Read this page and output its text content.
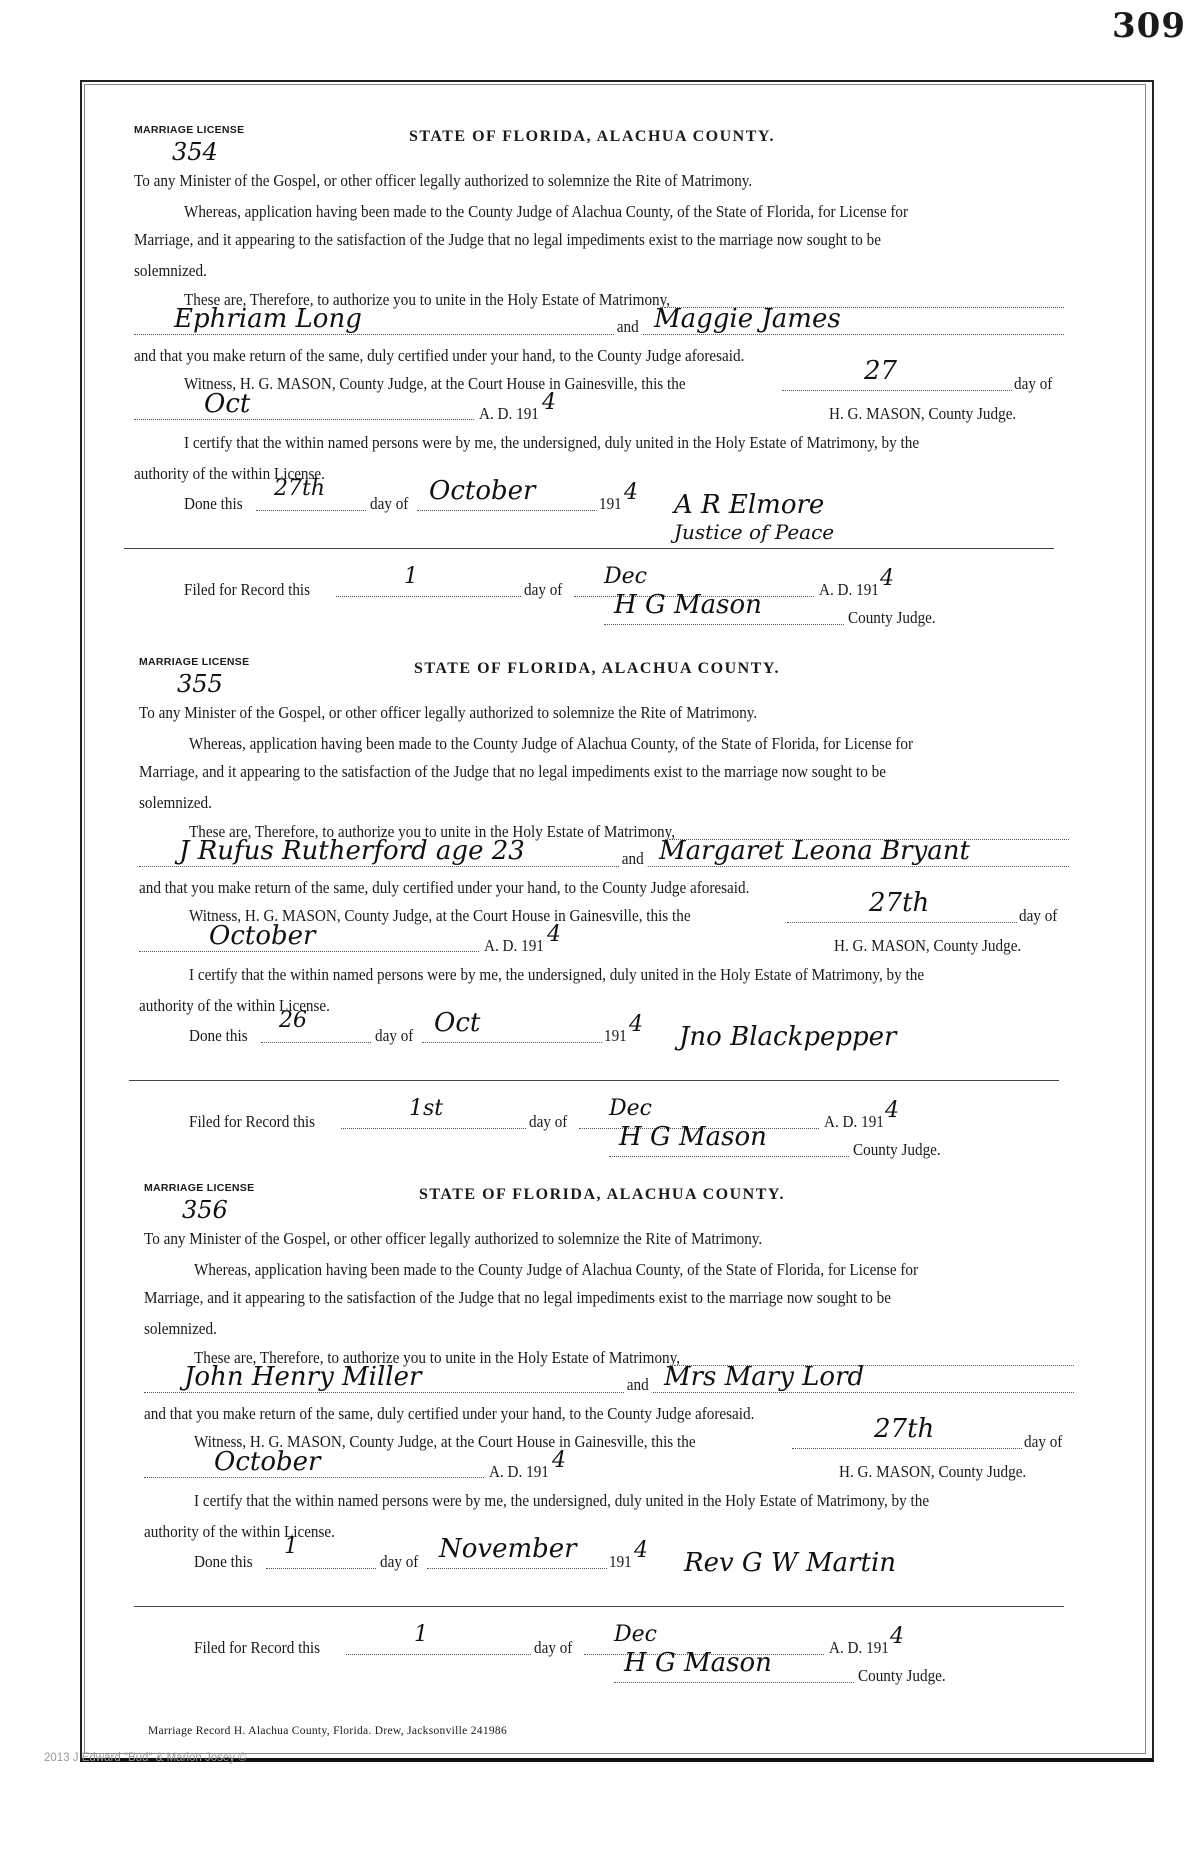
309
MARRIAGE LICENSE
354
STATE OF FLORIDA, ALACHUA COUNTY.
To any Minister of the Gospel, or other officer legally authorized to solemnize the Rite of Matrimony.
Whereas, application having been made to the County Judge of Alachua County, of the State of Florida, for License for
Marriage, and it appearing to the satisfaction of the Judge that no legal impediments exist to the marriage now sought to be
solemnized.
These are, Therefore, to authorize you to unite in the Holy Estate of Matrimony,
Ephriam Long	and Maggie James
and that you make return of the same, duly certified under your hand, to the County Judge aforesaid.
Witness, H. G. MASON, County Judge, at the Court House in Gainesville, this the	27	day of
Oct	A. D. 191 4	H. G. MASON, County Judge.
I certify that the within named persons were by me, the undersigned, duly united in the Holy Estate of Matrimony, by the
authority of the within License.
Done this
27th
day of October	191 4 A R Elmore
Justice of Peace
Filed for Record this
1
day of
Dec
A. D. 191 4
H G Mason	County Judge.
MARRIAGE LICENSE
355
STATE OF FLORIDA, ALACHUA COUNTY.
To any Minister of the Gospel, or other officer legally authorized to solemnize the Rite of Matrimony.
Whereas, application having been made to the County Judge of Alachua County, of the State of Florida, for License for
Marriage, and it appearing to the satisfaction of the Judge that no legal impediments exist to the marriage now sought to be
solemnized.
These are, Therefore, to authorize you to unite in the Holy Estate of Matrimony,
J Rufus Rutherford age 23	and Margaret Leona Bryant
and that you make return of the same, duly certified under your hand, to the County Judge aforesaid.
Witness, H. G. MASON, County Judge, at the Court House in Gainesville, this the	27th	day of
October	A. D. 191 4	H. G. MASON, County Judge.
I certify that the within named persons were by me, the undersigned, duly united in the Holy Estate of Matrimony, by the
authority of the within License.
Done this
26
day of Oct	191 4 Jno Blackpepper
Filed for Record this
1st
day of
Dec
A. D. 191 4
H G Mason	County Judge.
MARRIAGE LICENSE
356
STATE OF FLORIDA, ALACHUA COUNTY.
To any Minister of the Gospel, or other officer legally authorized to solemnize the Rite of Matrimony.
Whereas, application having been made to the County Judge of Alachua County, of the State of Florida, for License for
Marriage, and it appearing to the satisfaction of the Judge that no legal impediments exist to the marriage now sought to be
solemnized.
These are, Therefore, to authorize you to unite in the Holy Estate of Matrimony,
John Henry Miller	and Mrs Mary Lord
and that you make return of the same, duly certified under your hand, to the County Judge aforesaid.
Witness, H. G. MASON, County Judge, at the Court House in Gainesville, this the	27th	day of
October	A. D. 191 4	H. G. MASON, County Judge.
I certify that the within named persons were by me, the undersigned, duly united in the Holy Estate of Matrimony, by the
authority of the within License.
Done this
1
day of November 191 4 Rev G W Martin
Filed for Record this
1
day of
Dec
A. D. 191 4
H G Mason	County Judge.
Marriage Record H. Alachua County, Florida. Drew, Jacksonville 241986
2013 J Edward "Bud" & Marion Josey ©
